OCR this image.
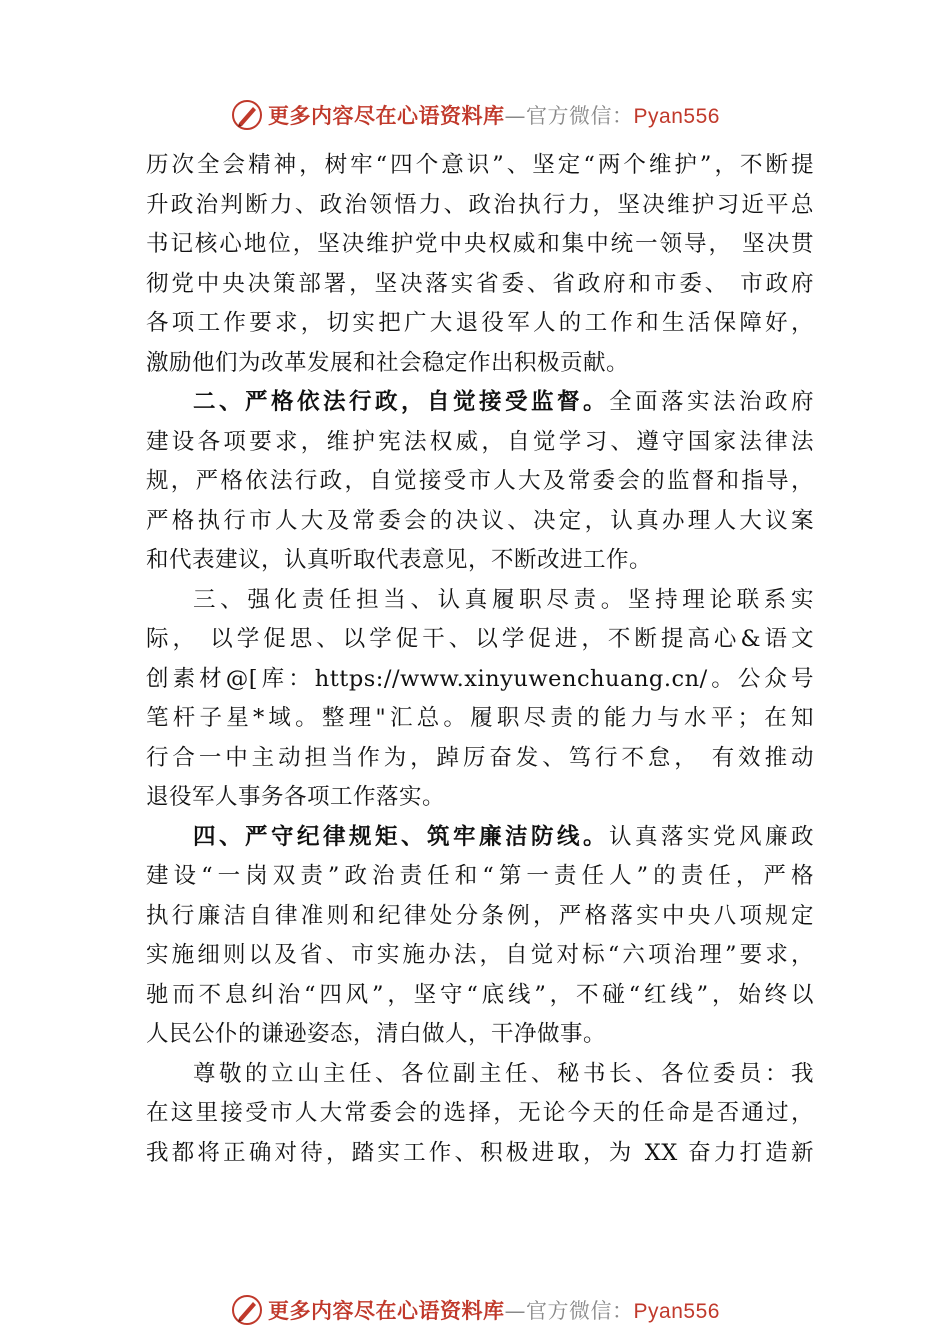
更多内容尽在心语资料库—官方微信：Pyan556
历次全会精神，树牢“四个意识”、坚定“两个维护”，不断提
升政治判断力、政治领悟力、政治执行力，坚决维护习近平总
书记核心地位，坚决维护党中央权威和集中统一领导， 坚决贯
彻党中央决策部署，坚决落实省委、省政府和市委、 市政府
各项工作要求，切实把广大退役军人的工作和生活保障好，
激励他们为改革发展和社会稳定作出积极贡献。
二、严格依法行政，自觉接受监督。全面落实法治政府
建设各项要求，维护宪法权威，自觉学习、遵守国家法律法
规，严格依法行政，自觉接受市人大及常委会的监督和指导，
严格执行市人大及常委会的决议、决定，认真办理人大议案
和代表建议，认真听取代表意见，不断改进工作。
三、强化责任担当、认真履职尽责。坚持理论联系实
际， 以学促思、以学促干、以学促进，不断提高心&语文
创素材@[库：https://www.xinyuwenchuang.cn/。公众号
笔杆子星*域。整理"汇总。履职尽责的能力与水平；在知
行合一中主动担当作为，踔厉奋发、笃行不怠， 有效推动
退役军人事务各项工作落实。
四、严守纪律规矩、筑牢廉洁防线。认真落实党风廉政
建设“一岗双责”政治责任和“第一责任人”的责任，严格
执行廉洁自律准则和纪律处分条例，严格落实中央八项规定
实施细则以及省、市实施办法，自觉对标“六项治理”要求，
驰而不息纠治“四风”，坚守“底线”，不碰“红线”，始终以
人民公仆的谦逊姿态，清白做人，干净做事。
尊敬的立山主任、各位副主任、秘书长、各位委员：我
在这里接受市人大常委会的选择，无论今天的任命是否通过，
我都将正确对待，踏实工作、积极进取，为 XX 奋力打造新
更多内容尽在心语资料库—官方微信：Pyan556
